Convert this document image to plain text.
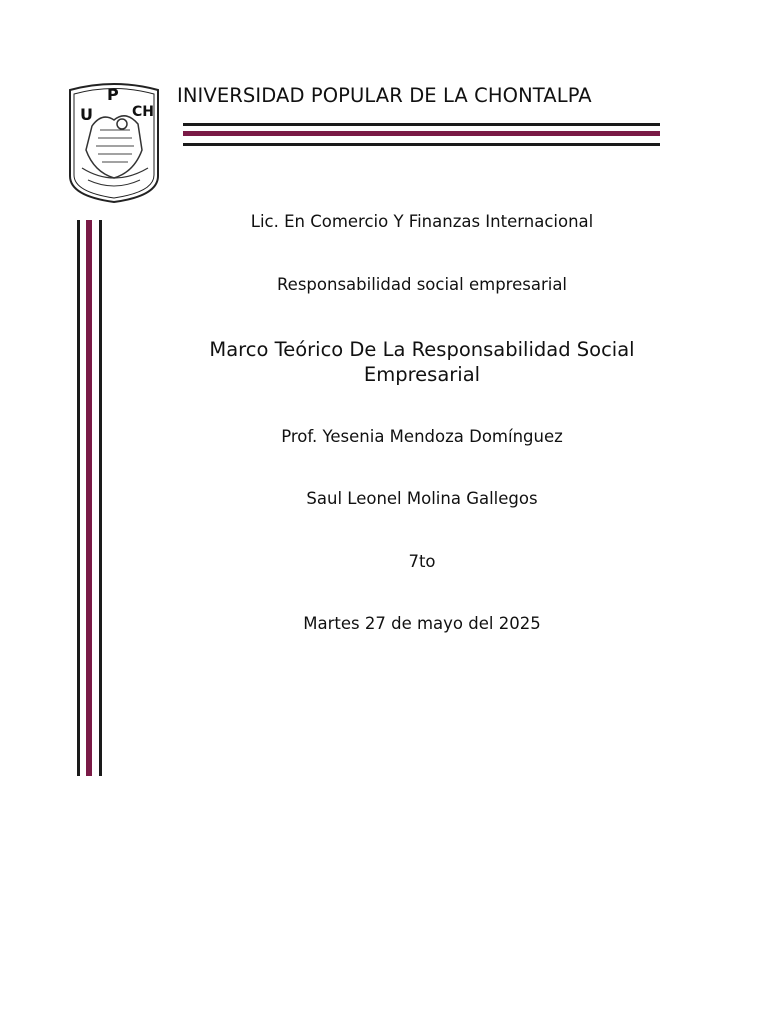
U
P
CH
INIVERSIDAD POPULAR DE LA CHONTALPA
Lic. En Comercio Y Finanzas Internacional
Responsabilidad social empresarial
Marco Teórico De La Responsabilidad Social Empresarial
Prof. Yesenia Mendoza Domínguez
Saul Leonel Molina Gallegos
7to
Martes 27 de mayo del 2025
